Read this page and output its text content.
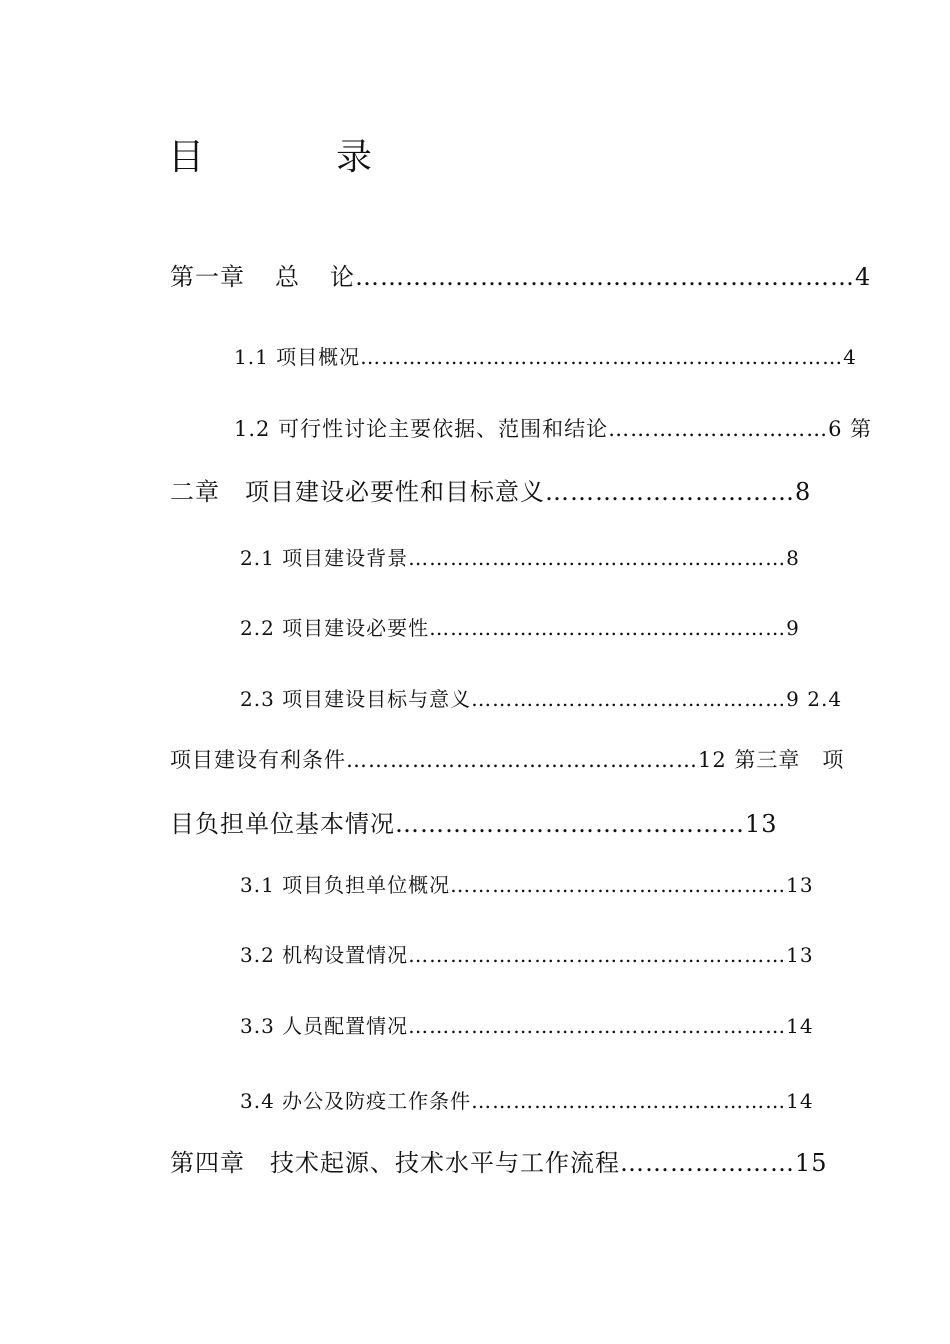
目	录
第一章 总 论……………………………………………………4
1.1 项目概况……………………………………………………………4
1.2 可行性讨论主要依据、范围和结论…………………………6 第
二章　项目建设必要性和目标意义…………………………8
2.1 项目建设背景………………………………………………8
2.2 项目建设必要性……………………………………………9
2.3 项目建设目标与意义………………………………………9 2.4
项目建设有利条件…………………………………………12 第三章　项
目负担单位基本情况……………………………………13
3.1 项目负担单位概况…………………………………………13
3.2 机构设置情况………………………………………………13
3.3 人员配置情况………………………………………………14
3.4 办公及防疫工作条件………………………………………14
第四章　技术起源、技术水平与工作流程…………………15
